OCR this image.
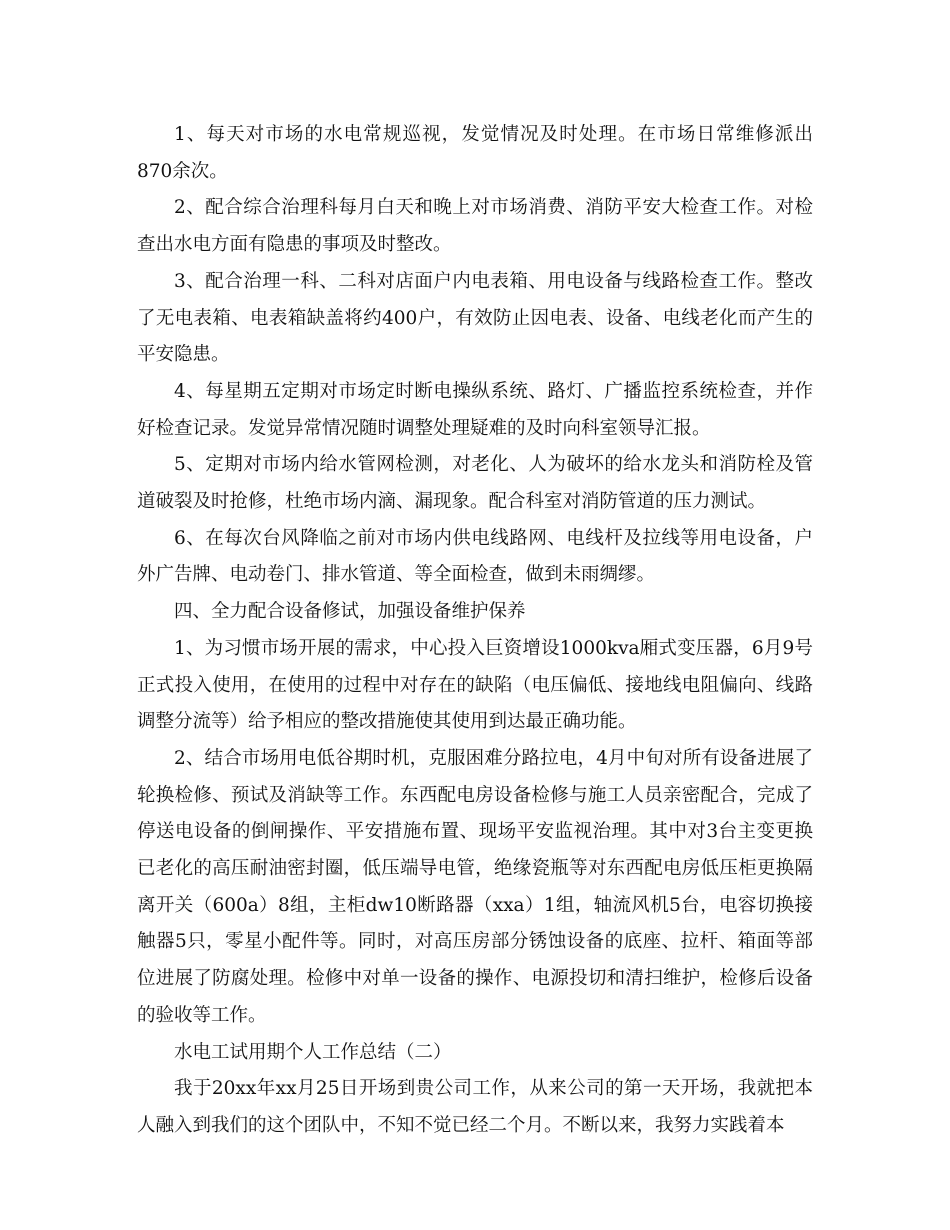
1、每天对市场的水电常规巡视，发觉情况及时处理。在市场日常维修派出870余次。

2、配合综合治理科每月白天和晚上对市场消费、消防平安大检查工作。对检查出水电方面有隐患的事项及时整改。

3、配合治理一科、二科对店面户内电表箱、用电设备与线路检查工作。整改了无电表箱、电表箱缺盖将约400户，有效防止因电表、设备、电线老化而产生的平安隐患。

4、每星期五定期对市场定时断电操纵系统、路灯、广播监控系统检查，并作好检查记录。发觉异常情况随时调整处理疑难的及时向科室领导汇报。

5、定期对市场内给水管网检测，对老化、人为破坏的给水龙头和消防栓及管道破裂及时抢修，杜绝市场内滴、漏现象。配合科室对消防管道的压力测试。

6、在每次台风降临之前对市场内供电线路网、电线杆及拉线等用电设备，户外广告牌、电动卷门、排水管道、等全面检查，做到未雨绸缪。

四、全力配合设备修试，加强设备维护保养

1、为习惯市场开展的需求，中心投入巨资增设1000kva厢式变压器，6月9号正式投入使用，在使用的过程中对存在的缺陷（电压偏低、接地线电阻偏向、线路调整分流等）给予相应的整改措施使其使用到达最正确功能。

2、结合市场用电低谷期时机，克服困难分路拉电，4月中旬对所有设备进展了轮换检修、预试及消缺等工作。东西配电房设备检修与施工人员亲密配合，完成了停送电设备的倒闸操作、平安措施布置、现场平安监视治理。其中对3台主变更换已老化的高压耐油密封圈，低压端导电管，绝缘瓷瓶等对东西配电房低压柜更换隔离开关（600a）8组，主柜dw10断路器（xxa）1组，轴流风机5台，电容切换接触器5只，零星小配件等。同时，对高压房部分锈蚀设备的底座、拉杆、箱面等部位进展了防腐处理。检修中对单一设备的操作、电源投切和清扫维护，检修后设备的验收等工作。

水电工试用期个人工作总结（二）

我于20xx年xx月25日开场到贵公司工作，从来公司的第一天开场，我就把本人融入到我们的这个团队中，不知不觉已经二个月。不断以来，我努力实践着本
